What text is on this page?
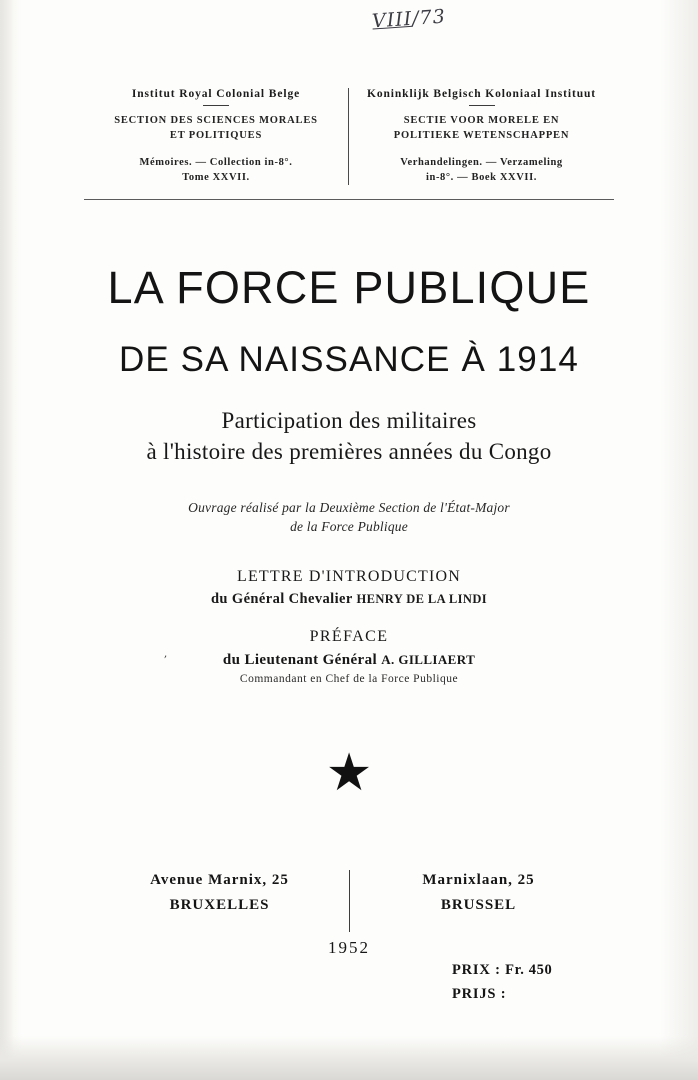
VIII/73
Institut Royal Colonial Belge
SECTION DES SCIENCES MORALES
ET POLITIQUES
Mémoires. — Collection in-8°.
Tome XXVII.
Koninklijk Belgisch Koloniaal Instituut
SECTIE VOOR MORELE EN
POLITIEKE WETENSCHAPPEN
Verhandelingen. — Verzameling
in-8°. — Boek XXVII.
LA FORCE PUBLIQUE
DE SA NAISSANCE À 1914
Participation des militaires
à l'histoire des premières années du Congo
Ouvrage réalisé par la Deuxième Section de l'État-Major
de la Force Publique
LETTRE D'INTRODUCTION
du Général Chevalier HENRY DE LA LINDI
'
PRÉFACE
du Lieutenant Général A. GILLIAERT
Commandant en Chef de la Force Publique
★
Avenue Marnix, 25
BRUXELLES
Marnixlaan, 25
BRUSSEL
1952
PRIX : Fr. 450
PRIJS :
